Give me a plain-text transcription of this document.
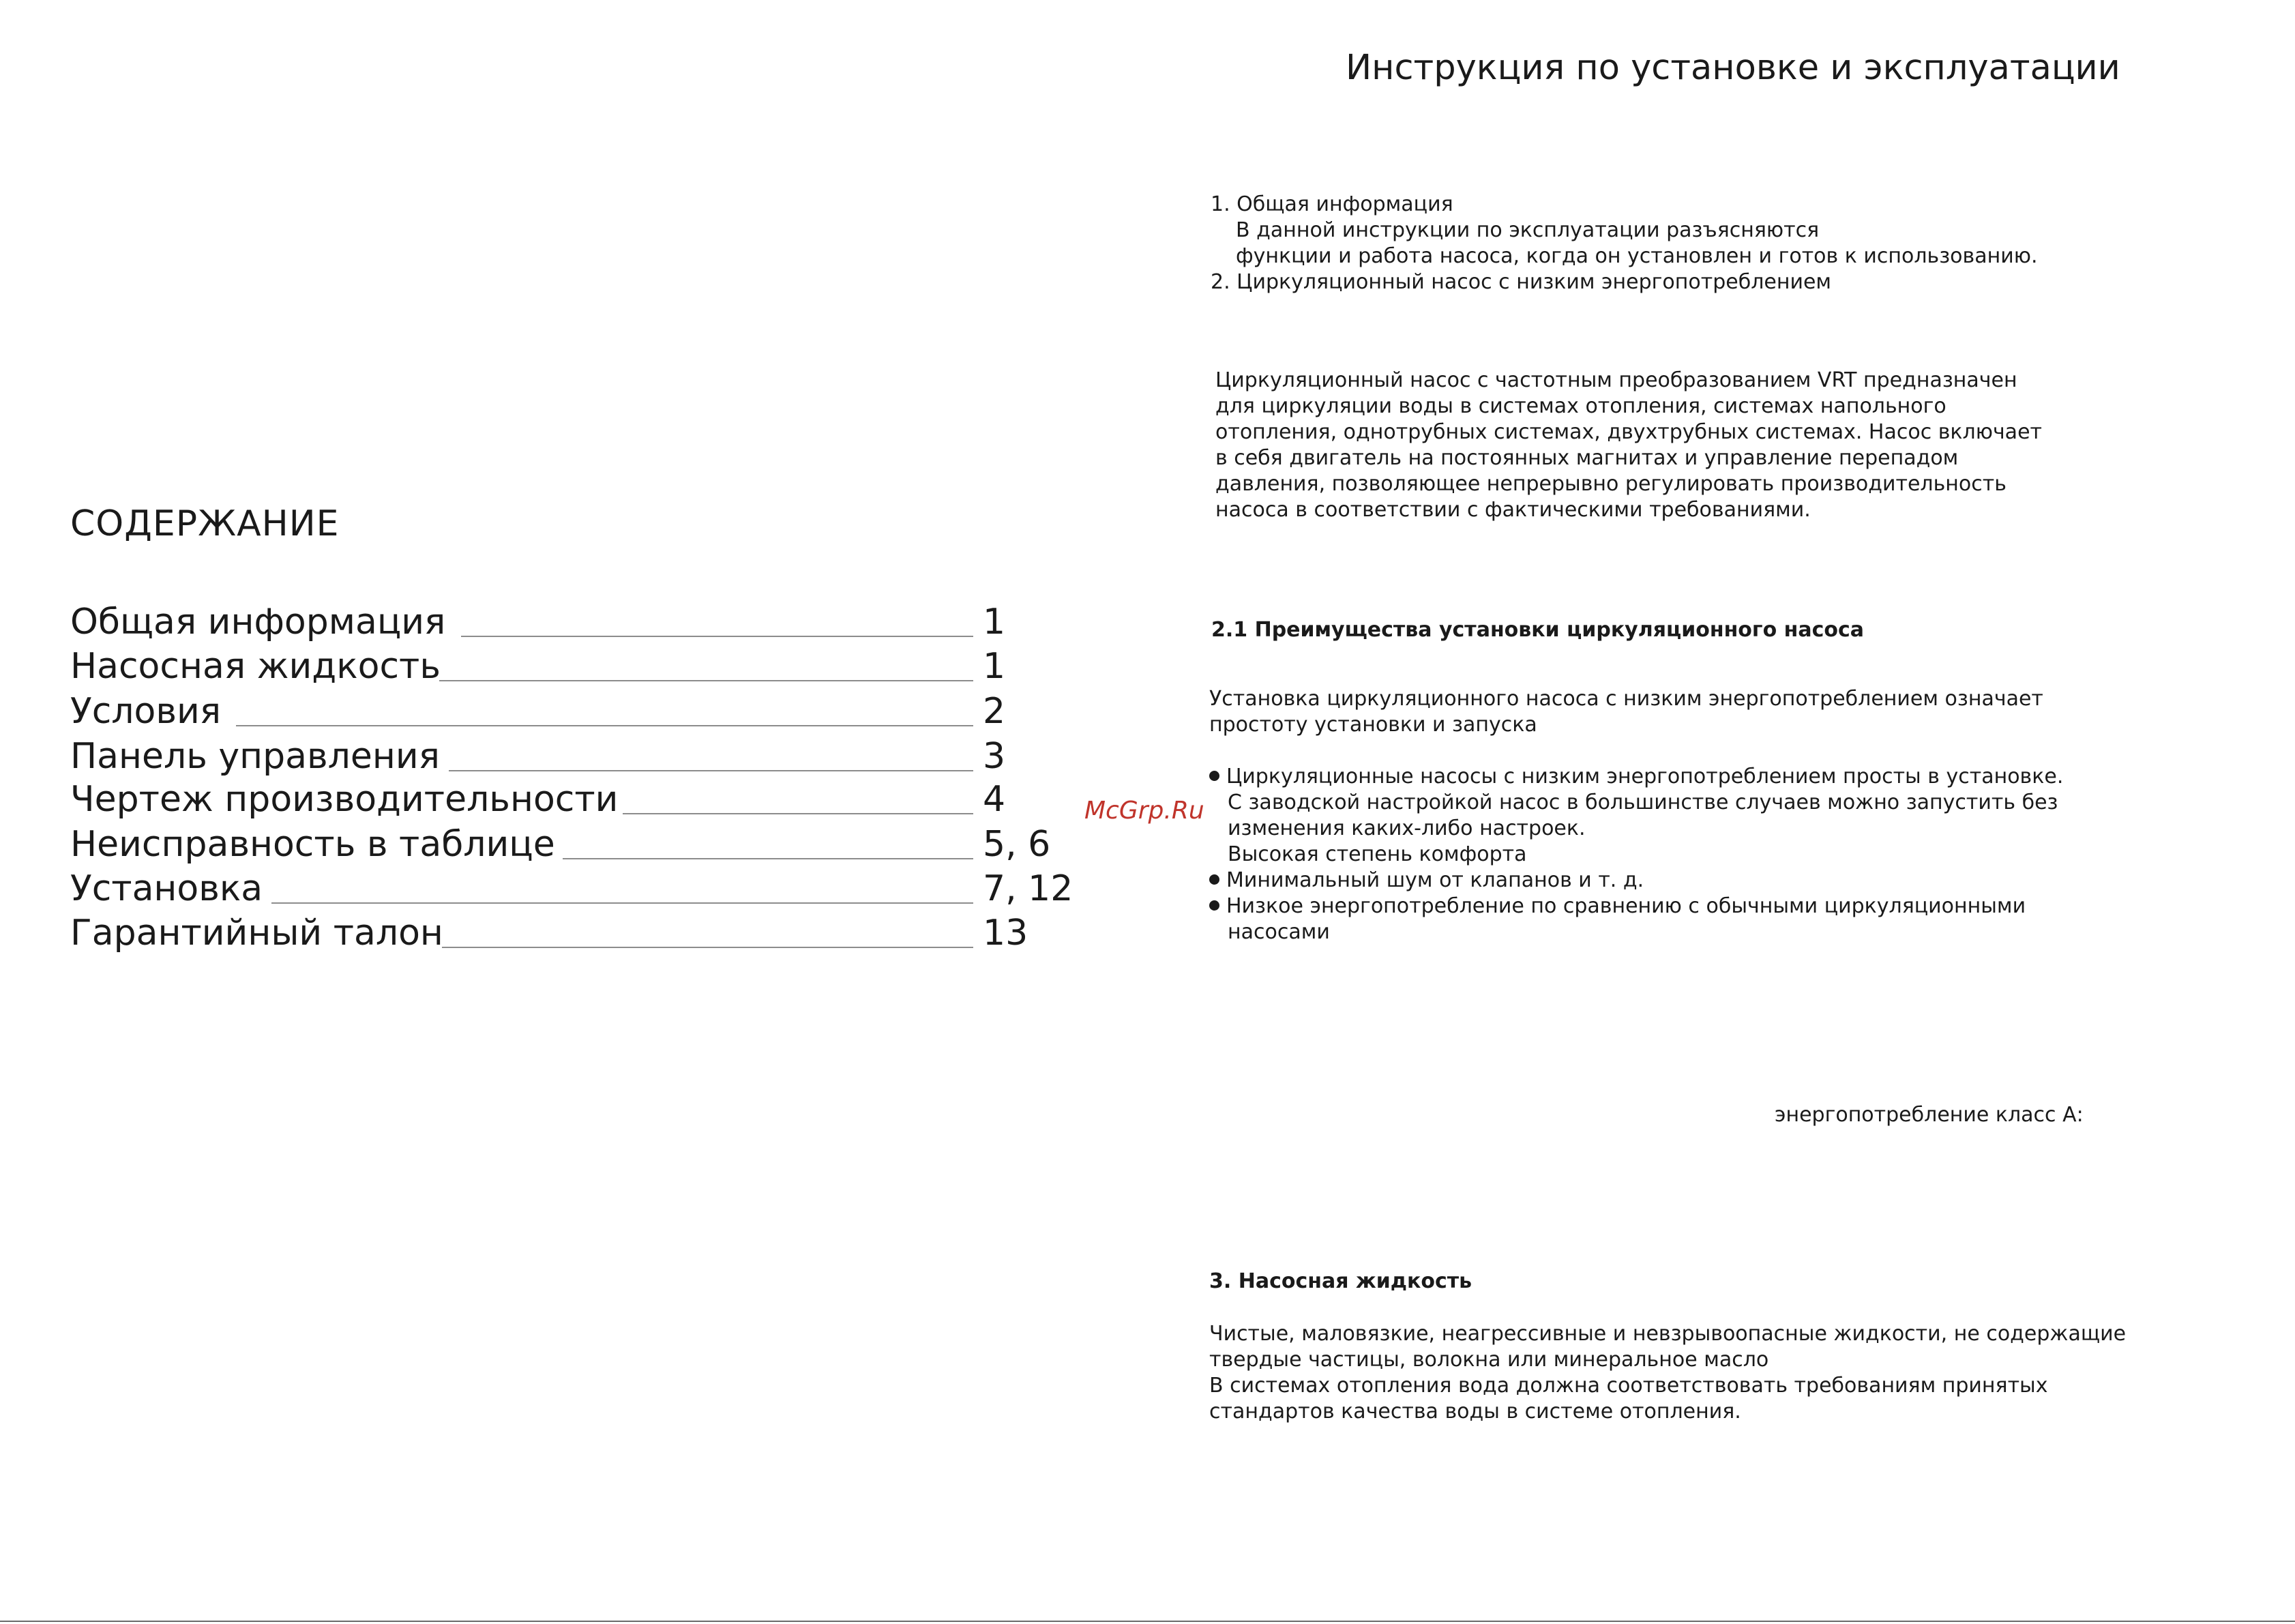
СОДЕРЖАНИЕ
Общая информация	1
Насосная жидкость	1
Условия	2
Панель управления	3
Чертеж производительности	4
Неисправность в таблице	5, 6
Установка	7, 12
Гарантийный талон	13
McGrp.Ru
Инструкция по установке и эксплуатации
1. Общая информация
В данной инструкции по эксплуатации разъясняются
функции и работа насоса, когда он установлен и готов к использованию.
2. Циркуляционный насос с низким энергопотреблением
Циркуляционный насос с частотным преобразованием VRT предназначен
для циркуляции воды в системах отопления, системах напольного
отопления, однотрубных системах, двухтрубных системах. Насос включает
в себя двигатель на постоянных магнитах и управление перепадом
давления, позволяющее непрерывно регулировать производительность
насоса в соответствии с фактическими требованиями.
2.1 Преимущества установки циркуляционного насоса
Установка циркуляционного насоса с низким энергопотреблением означает
простоту установки и запуска
Циркуляционные насосы с низким энергопотреблением просты в установке.
С заводской настройкой насос в большинстве случаев можно запустить без
изменения каких-либо настроек.
Высокая степень комфорта
Минимальный шум от клапанов и т. д.
Низкое энергопотребление по сравнению с обычными циркуляционными
насосами
энергопотребление класс А:
3. Насосная жидкость
Чистые, маловязкие, неагрессивные и невзрывоопасные жидкости, не содержащие
твердые частицы, волокна или минеральное масло
В системах отопления вода должна соответствовать требованиям принятых
стандартов качества воды в системе отопления.
